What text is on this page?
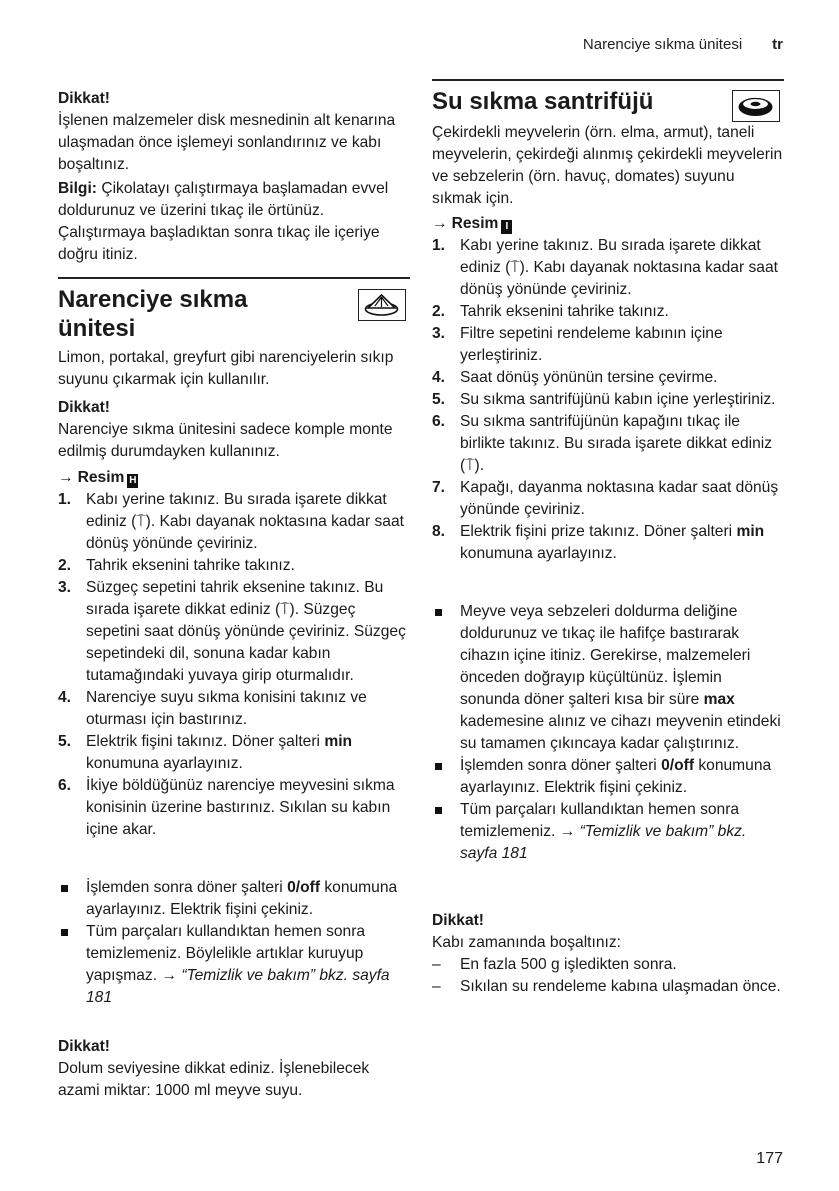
Narenciye sıkma ünitesi tr
Dikkat!

İşlenen malzemeler disk mesnedinin alt kenarına ulaşmadan önce işlemeyi sonlandırınız ve kabı boşaltınız.

Bilgi: Çikolatayı çalıştırmaya başlamadan evvel doldurunuz ve üzerini tıkaç ile örtünüz. Çalıştırmaya başladıktan sonra tıkaç ile içeriye doğru itiniz.

Narenciye sıkma
ünitesi

Limon, portakal, greyfurt gibi narenciyelerin sıkıp suyunu çıkarmak için kullanılır.

Dikkat!

Narenciye sıkma ünitesini sadece komple monte edilmiş durumdayken kullanınız.

→ Resim H
1. Kabı yerine takınız. Bu sırada işarete dikkat ediniz (⍑). Kabı dayanak noktasına kadar saat dönüş yönünde çeviriniz.
2. Tahrik eksenini tahrike takınız.
3. Süzgeç sepetini tahrik eksenine takınız. Bu sırada işarete dikkat ediniz (⍑). Süzgeç sepetini saat dönüş yönünde çeviriniz. Süzgeç sepetindeki dil, sonuna kadar kabın tutamağındaki yuvaya girip oturmalıdır.
4. Narenciye suyu sıkma konisini takınız ve oturması için bastırınız.
5. Elektrik fişini takınız. Döner şalteri min konumuna ayarlayınız.
6. İkiye böldüğünüz narenciye meyvesini sıkma konisinin üzerine bastırınız. Sıkılan su kabın içine akar.
İşlemden sonra döner şalteri 0/off konumuna ayarlayınız. Elektrik fişini çekiniz.
Tüm parçaları kullandıktan hemen sonra temizlemeniz. Böylelikle artıklar kuruyup yapışmaz. → “Temizlik ve bakım” bkz. sayfa 181
Dikkat!

Dolum seviyesine dikkat ediniz. İşlenebilecek azami miktar: 1000 ml meyve suyu.

Su sıkma santrifüjü

Çekirdekli meyvelerin (örn. elma, armut), taneli meyvelerin, çekirdeği alınmış çekirdekli meyvelerin ve sebzelerin (örn. havuç, domates) suyunu sıkmak için.

→ Resim I
1. Kabı yerine takınız. Bu sırada işarete dikkat ediniz (⍑). Kabı dayanak noktasına kadar saat dönüş yönünde çeviriniz.
2. Tahrik eksenini tahrike takınız.
3. Filtre sepetini rendeleme kabının içine yerleştiriniz.
4. Saat dönüş yönünün tersine çevirme.
5. Su sıkma santrifüjünü kabın içine yerleştiriniz.
6. Su sıkma santrifüjünün kapağını tıkaç ile birlikte takınız. Bu sırada işarete dikkat ediniz (⍑).
7. Kapağı, dayanma noktasına kadar saat dönüş yönünde çeviriniz.
8. Elektrik fişini prize takınız. Döner şalteri min konumuna ayarlayınız.
Meyve veya sebzeleri doldurma deliğine doldurunuz ve tıkaç ile hafifçe bastırarak cihazın içine itiniz. Gerekirse, malzemeleri önceden doğrayıp küçültünüz. İşlemin sonunda döner şalteri kısa bir süre max kademesine alınız ve cihazı meyvenin etindeki su tamamen çıkıncaya kadar çalıştırınız.
İşlemden sonra döner şalteri 0/off konumuna ayarlayınız. Elektrik fişini çekiniz.
Tüm parçaları kullandıktan hemen sonra temizlemeniz. → “Temizlik ve bakım” bkz. sayfa 181
Dikkat!

Kabı zamanında boşaltınız:

– En fazla 500 g işledikten sonra.
– Sıkılan su rendeleme kabına ulaşmadan önce.
177
